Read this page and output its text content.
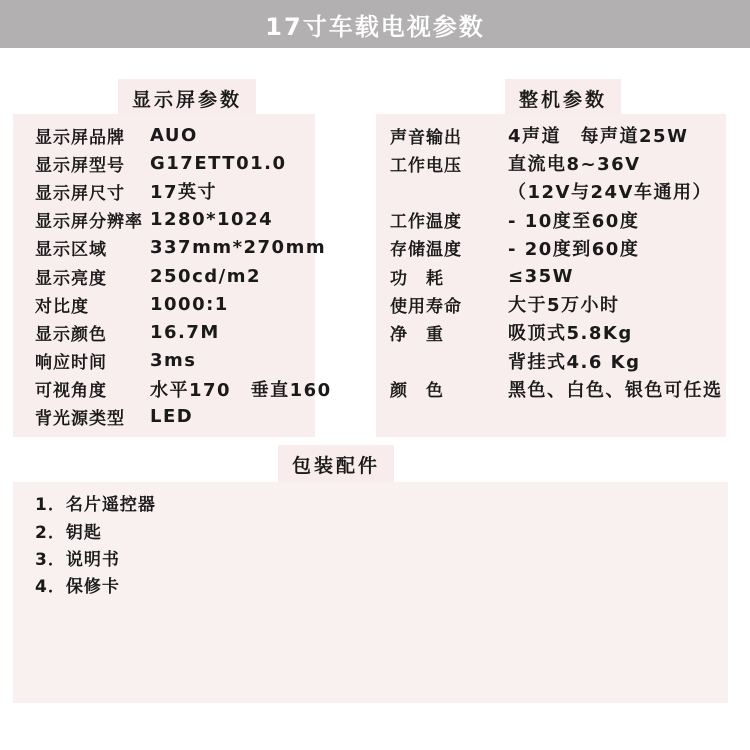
17寸车载电视参数
显示屏参数	整机参数
显示屏品牌	AUO
显示屏型号	G17ETT01.0
显示屏尺寸	17英寸
显示屏分辨率 1280*1024
显示区域	337mm*270mm
显示亮度	250cd/m2
对比度	1000:1
显示颜色	16.7M
响应时间	3ms
可视角度	水平170　垂直160
背光源类型	LED
声音输出	4声道　每声道25W
工作电压	直流电8~36V
（12V与24V车通用）
工作温度	- 10度至60度
存储温度	- 20度到60度
功　耗	≤35W
使用寿命	大于5万小时
净　重	吸顶式5.8Kg
背挂式4.6 Kg
颜　色	黑色、白色、银色可任选
包装配件
1．名片遥控器
2．钥匙
3．说明书
4．保修卡
